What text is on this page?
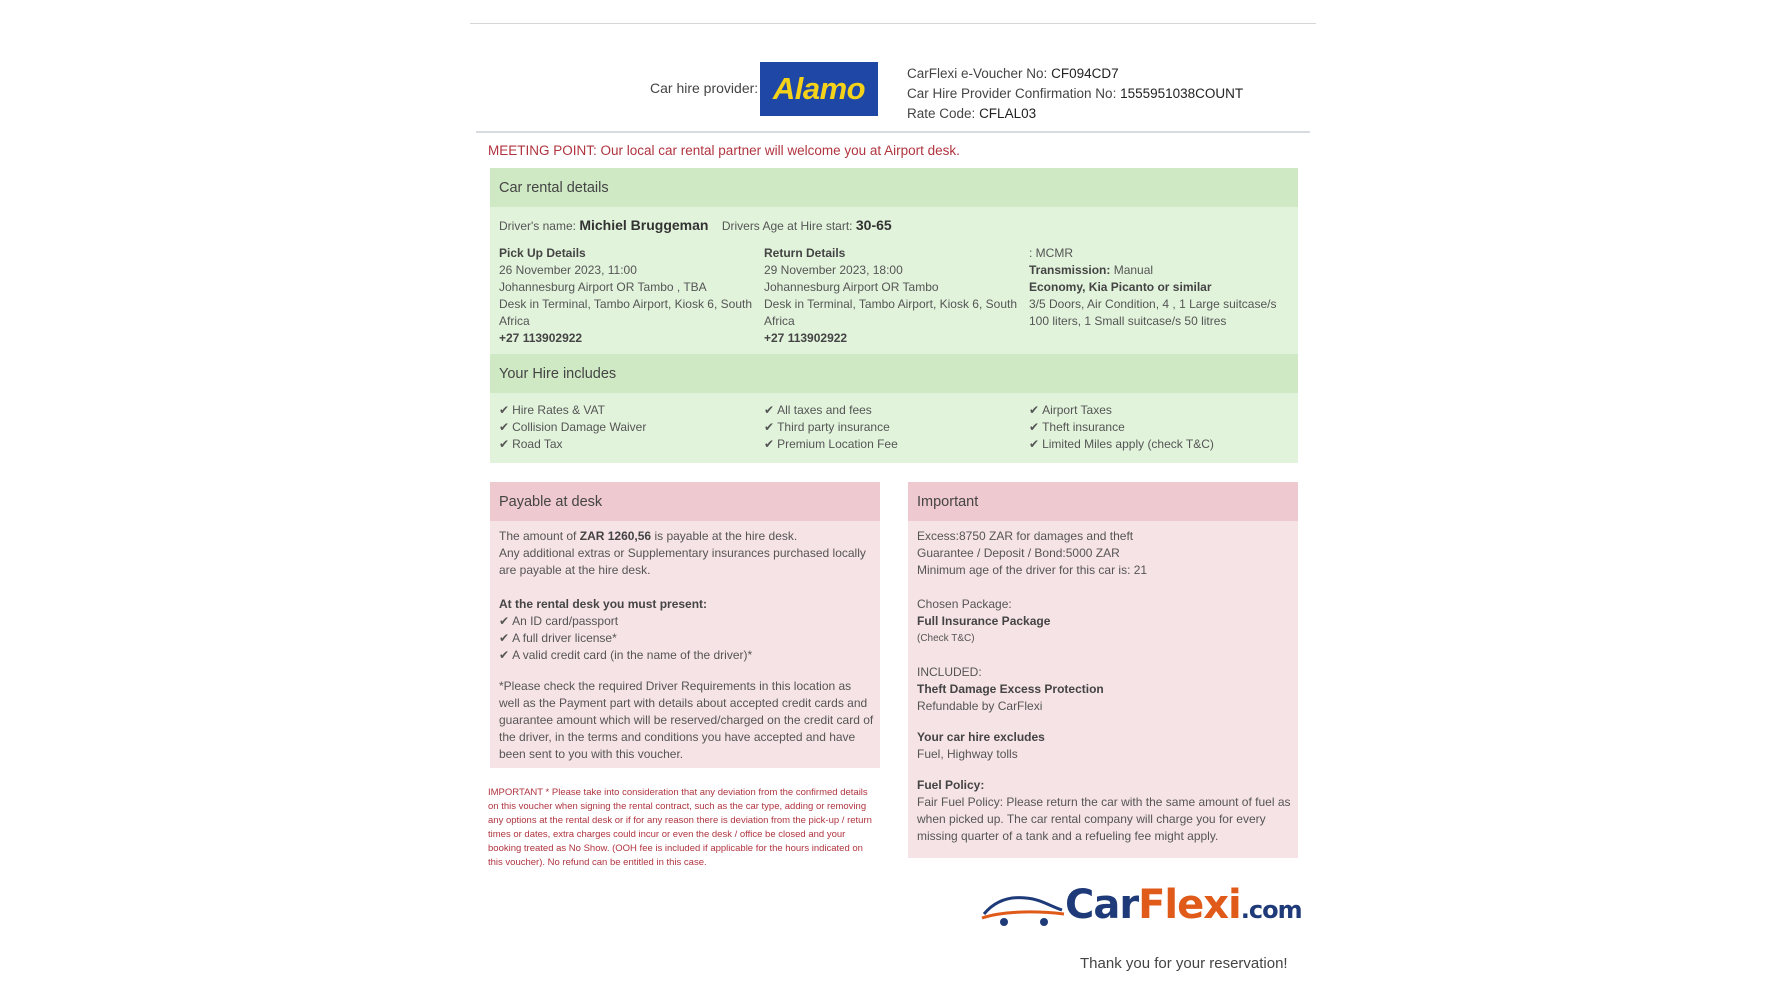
Car hire provider: Alamo	CarFlexi e-Voucher No: CF094CD7
Car Hire Provider Confirmation No: 1555951038COUNT
Rate Code: CFLAL03
MEETING POINT: Our local car rental partner will welcome you at Airport desk.
Car rental details
Driver's name: Michiel Bruggeman Drivers Age at Hire start: 30-65
Pick Up Details
26 November 2023, 11:00
Johannesburg Airport OR Tambo , TBA
Desk in Terminal, Tambo Airport, Kiosk 6, South Africa
+27 113902922
Return Details
29 November 2023, 18:00
Johannesburg Airport OR Tambo
Desk in Terminal, Tambo Airport, Kiosk 6, South Africa
+27 113902922
: MCMR
Transmission: Manual
Economy, Kia Picanto or similar
3/5 Doors, Air Condition, 4 , 1 Large suitcase/s 100 liters, 1 Small suitcase/s 50 litres
Your Hire includes
✔ Hire Rates & VAT
✔ Collision Damage Waiver
✔ Road Tax
✔ All taxes and fees
✔ Third party insurance
✔ Premium Location Fee
✔ Airport Taxes
✔ Theft insurance
✔ Limited Miles apply (check T&C)
Payable at desk
The amount of ZAR 1260,56 is payable at the hire desk.
Any additional extras or Supplementary insurances purchased locally are payable at the hire desk.
At the rental desk you must present:
✔ An ID card/passport
✔ A full driver license*
✔ A valid credit card (in the name of the driver)*
*Please check the required Driver Requirements in this location as well as the Payment part with details about accepted credit cards and guarantee amount which will be reserved/charged on the credit card of the driver, in the terms and conditions you have accepted and have been sent to you with this voucher.
IMPORTANT * Please take into consideration that any deviation from the confirmed details on this voucher when signing the rental contract, such as the car type, adding or removing any options at the rental desk or if for any reason there is deviation from the pick-up / return times or dates, extra charges could incur or even the desk / office be closed and your booking treated as No Show. (OOH fee is included if applicable for the hours indicated on this voucher). No refund can be entitled in this case.
Important
Excess:8750 ZAR for damages and theft
Guarantee / Deposit / Bond:5000 ZAR
Minimum age of the driver for this car is: 21
Chosen Package:
Full Insurance Package
(Check T&C)
INCLUDED:
Theft Damage Excess Protection
Refundable by CarFlexi
Your car hire excludes
Fuel, Highway tolls
Fuel Policy:
Fair Fuel Policy: Please return the car with the same amount of fuel as when picked up. The car rental company will charge you for every missing quarter of a tank and a refueling fee might apply.
CarFlexi.com
Thank you for your reservation!
